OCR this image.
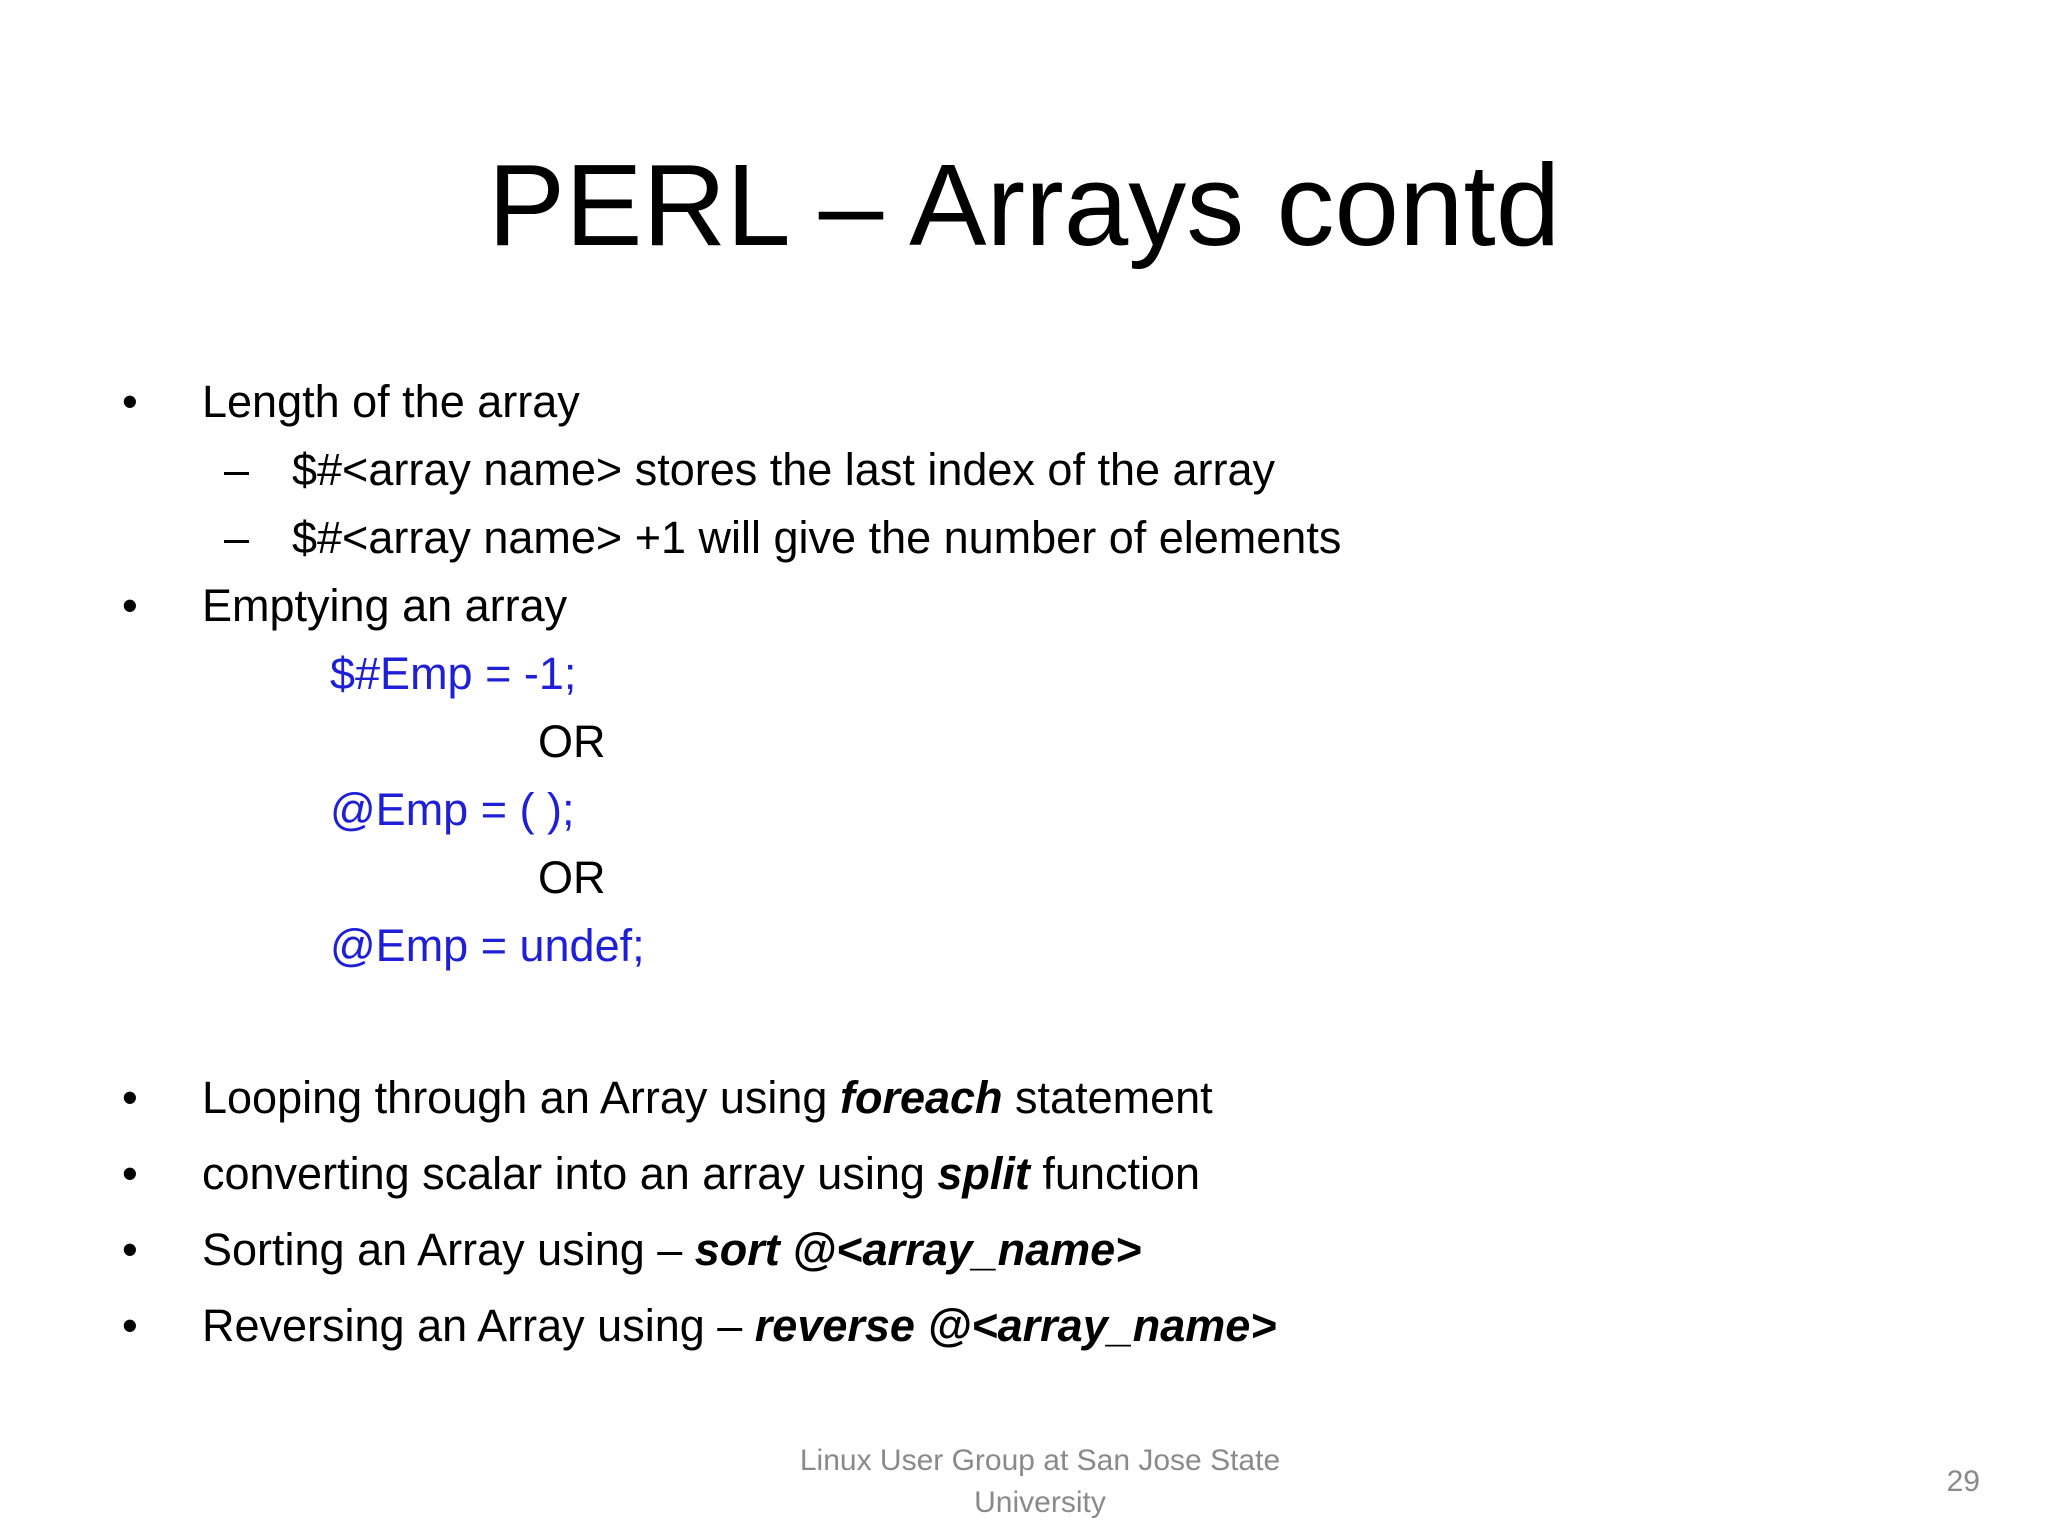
PERL – Arrays contd
• Length of the array
– $#<array name> stores the last index of the array
– $#<array name> +1 will give the number of elements
• Emptying an array
$#Emp = -1;
OR
@Emp = ( );
OR
@Emp = undef;
• Looping through an Array using foreach statement
• converting scalar into an array using split function
• Sorting an Array using – sort @<array_name>
• Reversing an Array using – reverse @<array_name>
Linux User Group at San Jose State
University
29
